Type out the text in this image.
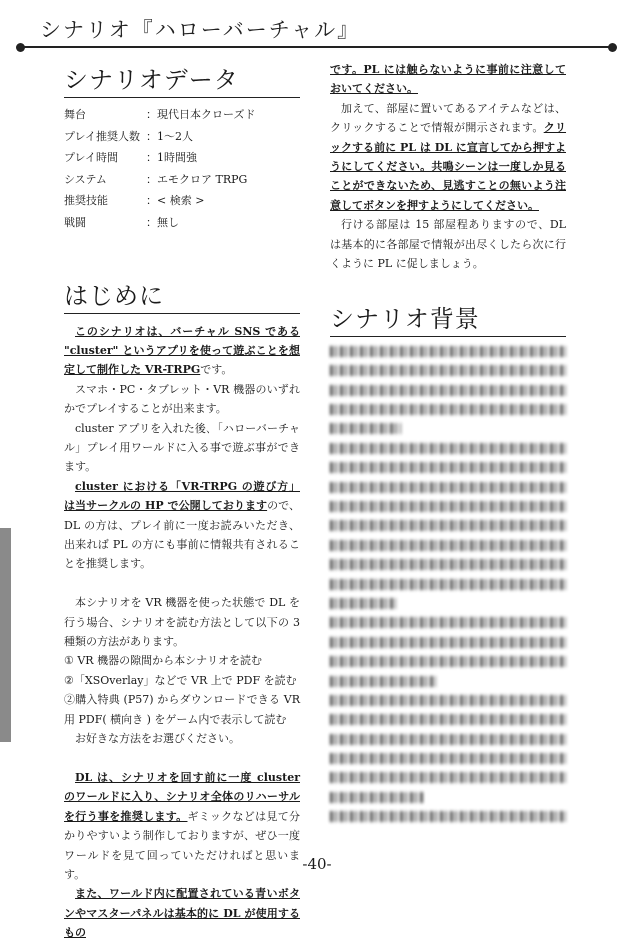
シナリオ『ハローバーチャル』
シナリオデータ
舞台	：現代日本クローズド
プレイ推奨人数 ：1～2人
プレイ時間	：1時間強
システム	：エモクロア TRPG
推奨技能	：< 検索 >
戦闘	：無し
はじめに

このシナリオは、バーチャル SNS である "cluster" というアプリを使って遊ぶことを想定して制作した VR-TRPGです。

スマホ・PC・タブレット・VR 機器のいずれかでプレイすることが出来ます。

cluster アプリを入れた後､「ハローバーチャル」プレイ用ワールドに入る事で遊ぶ事ができます。

cluster における「VR-TRPG の遊び方」は当サークルの HP で公開しておりますので、DL の方は、プレイ前に一度お読みいただき、出来れば PL の方にも事前に情報共有されることを推奨します。

本シナリオを VR 機器を使った状態で DL を行う場合、シナリオを読む方法として以下の 3 種類の方法があります。

① VR 機器の隙間から本シナリオを読む

②「XSOverlay」などで VR 上で PDF を読む

②購入特典 (P57) からダウンロードできる VR 用 PDF( 横向き ) をゲーム内で表示して読む

お好きな方法をお選びください。

DL は、シナリオを回す前に一度 cluster のワールドに入り、シナリオ全体のリハーサルを行う事を推奨します。ギミックなどは見て分かりやすいよう制作しておりますが、ぜひ一度ワールドを見て回っていただければと思います。

また、ワールド内に配置されている青いボタンやマスターパネルは基本的に DL が使用するもの

です。PL には触らないように事前に注意しておいてください。

加えて、部屋に置いてあるアイテムなどは、クリックすることで情報が開示されます。クリックする前に PL は DL に宣言してから押すようにしてください。共鳴シーンは一度しか見ることができないため、見逃すことの無いよう注意してボタンを押すようにしてください。

行ける部屋は 15 部屋程ありますので、DL は基本的に各部屋で情報が出尽くしたら次に行くように PL に促しましょう。

シナリオ背景
-40-
